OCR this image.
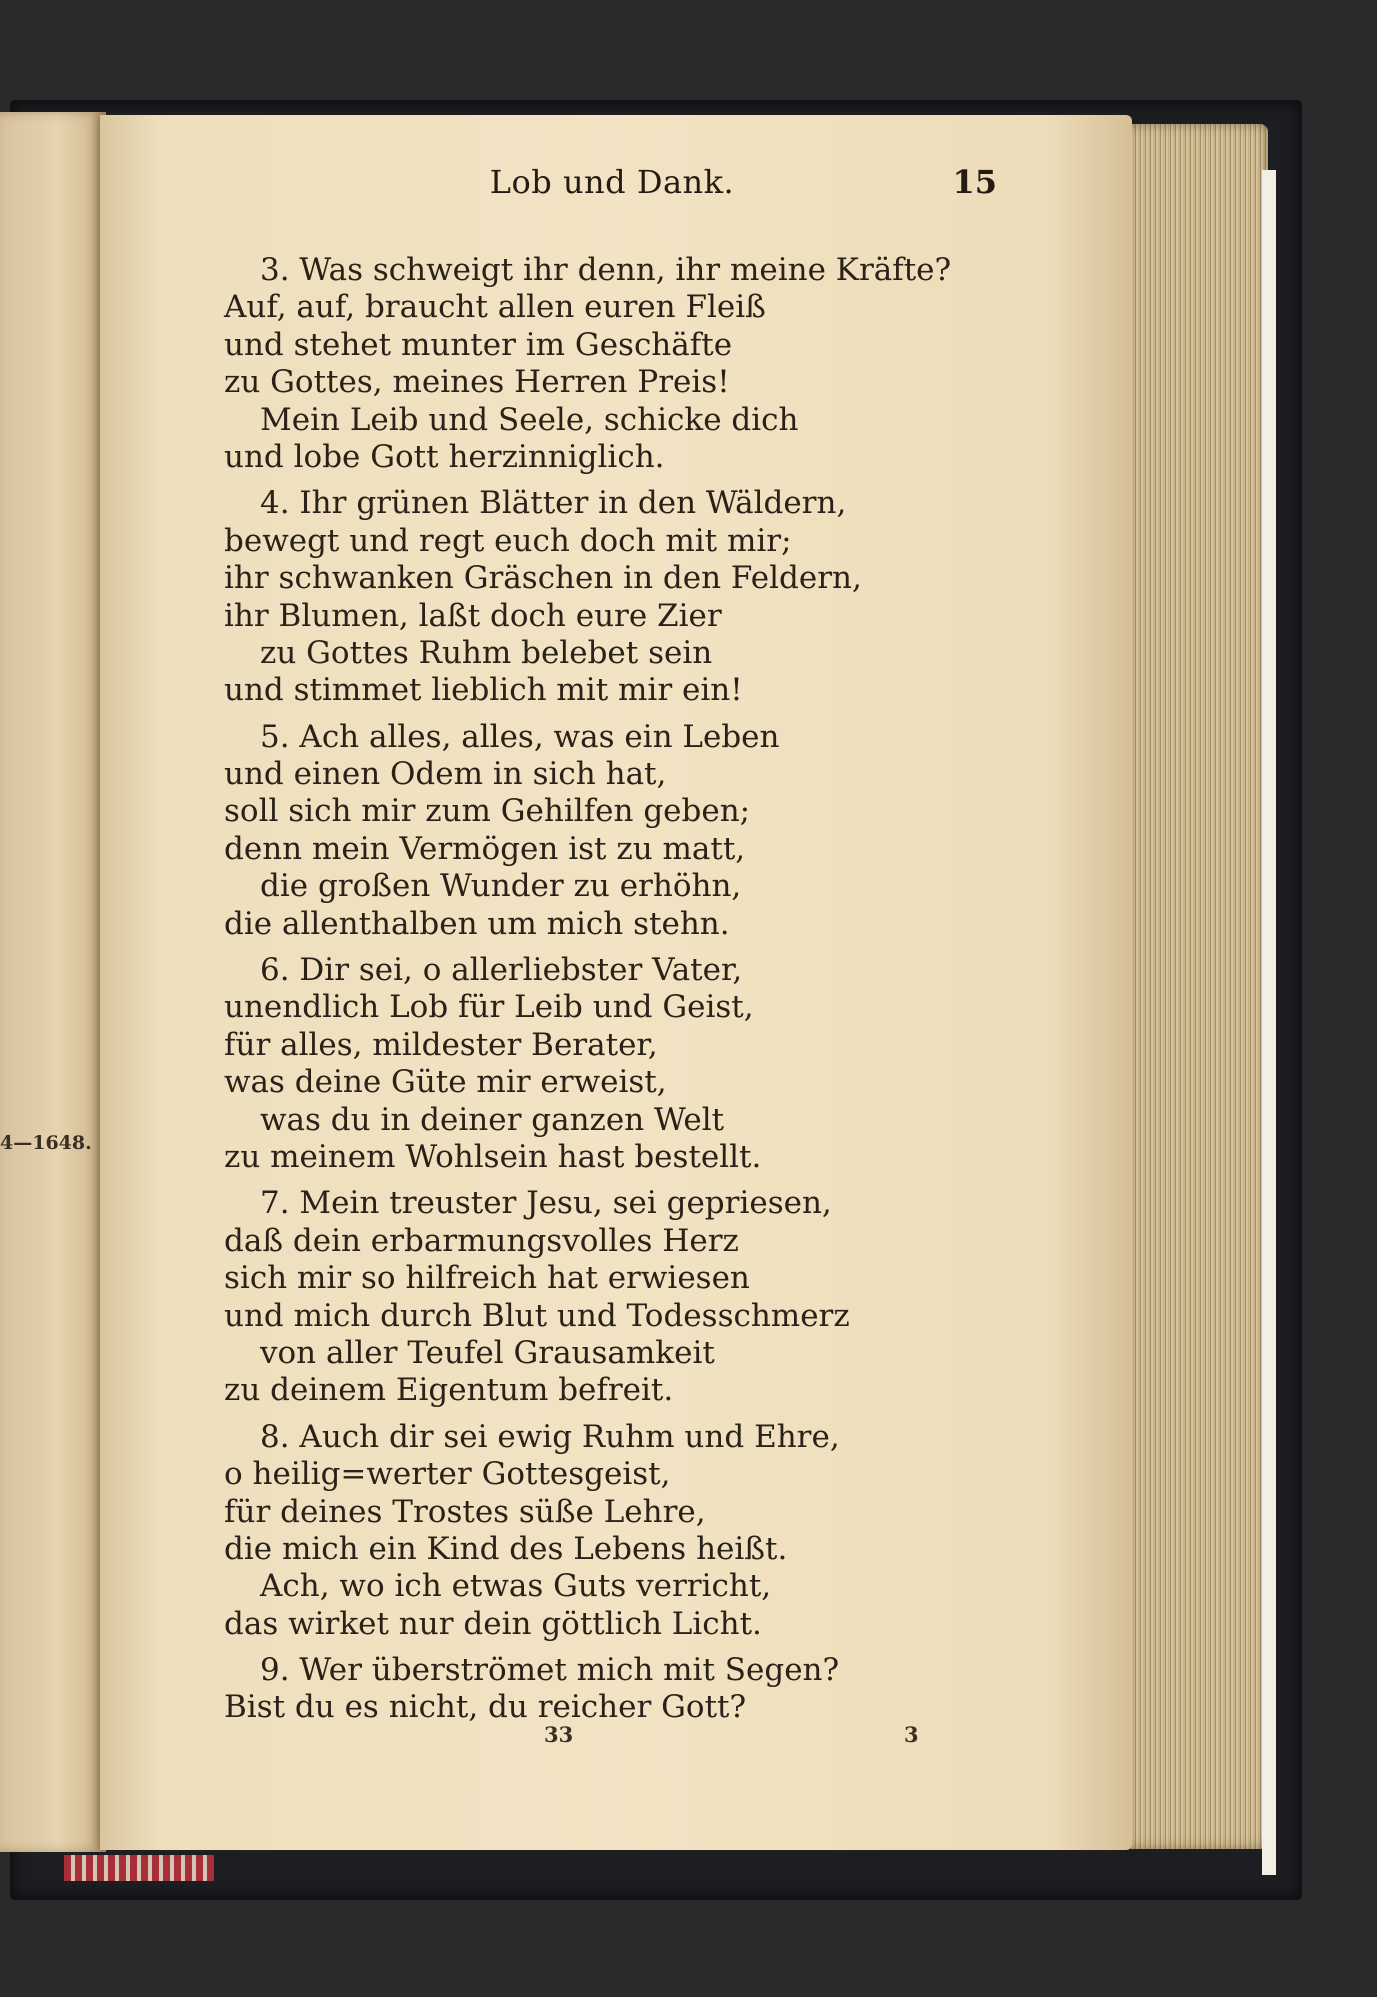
4—1648.
Lob und Dank.	15
3. Was schweigt ihr denn, ihr meine Kräfte?
Auf, auf, braucht allen euren Fleiß
und stehet munter im Geschäfte
zu Gottes, meines Herren Preis!
Mein Leib und Seele, schicke dich
und lobe Gott herzinniglich.
4. Ihr grünen Blätter in den Wäldern,
bewegt und regt euch doch mit mir;
ihr schwanken Gräschen in den Feldern,
ihr Blumen, laßt doch eure Zier
zu Gottes Ruhm belebet sein
und stimmet lieblich mit mir ein!
5. Ach alles, alles, was ein Leben
und einen Odem in sich hat,
soll sich mir zum Gehilfen geben;
denn mein Vermögen ist zu matt,
die großen Wunder zu erhöhn,
die allenthalben um mich stehn.
6. Dir sei, o allerliebster Vater,
unendlich Lob für Leib und Geist,
für alles, mildester Berater,
was deine Güte mir erweist,
was du in deiner ganzen Welt
zu meinem Wohlsein hast bestellt.
7. Mein treuster Jesu, sei gepriesen,
daß dein erbarmungsvolles Herz
sich mir so hilfreich hat erwiesen
und mich durch Blut und Todesschmerz
von aller Teufel Grausamkeit
zu deinem Eigentum befreit.
8. Auch dir sei ewig Ruhm und Ehre,
o heilig=werter Gottesgeist,
für deines Trostes süße Lehre,
die mich ein Kind des Lebens heißt.
Ach, wo ich etwas Guts verricht,
das wirket nur dein göttlich Licht.
9. Wer überströmet mich mit Segen?
Bist du es nicht, du reicher Gott?
33	3
